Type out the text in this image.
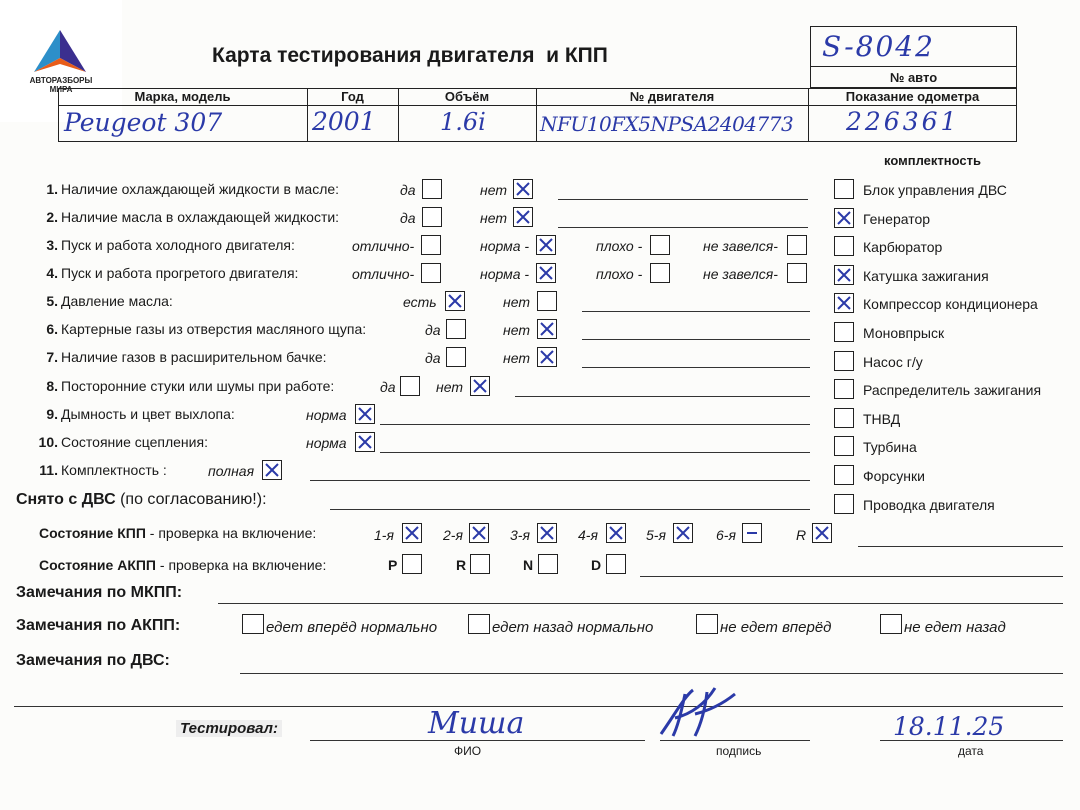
АВТОРАЗБОРЫ МИРА
Карта тестирования двигателя  и КПП	S-8042
№ авто
Марка, модель	Год	Объём	№ двигателя	Показание одометра
Peugeot 307	2001	1.6i	NFU10FX5NPSA2404773 226361
комплектность
1. Наличие охлаждающей жидкости в масле:	да	нет
2. Наличие масла в охлаждающей жидкости:	да	нет
3. Пуск и работа холодного двигателя:	отлично-	норма -	плохо -	не завелся-
4. Пуск и работа прогретого двигателя:	отлично-	норма -	плохо -	не завелся-
5. Давление масла:	есть	нет
6. Картерные газы из отверстия масляного щупа:	да	нет
7. Наличие газов в расширительном бачке:	да	нет
8. Посторонние стуки или шумы при работе:	да	нет
9. Дымность и цвет выхлопа:	норма
10. Состояние сцепления:	норма
11. Комплектность :	полная
Блок управления ДВС
Генератор
Карбюратор
Катушка зажигания
Компрессор кондиционера
Моновпрыск
Насос г/у
Распределитель зажигания
ТНВД
Турбина
Форсунки
Проводка двигателя
Снято с ДВС (по согласованию!):
Состояние КПП - проверка на включение:	1-я	2-я	3-я	4-я	5-я	6-я	R
Состояние АКПП - проверка на включение:	P	R	N	D
Замечания по МКПП:
Замечания по АКПП:	едет вперёд нормально	едет назад нормально	не едет вперёд	не едет назад
Замечания по ДВС:
Тестировал:	Миша	18.11.25
ФИО	подпись	дата
